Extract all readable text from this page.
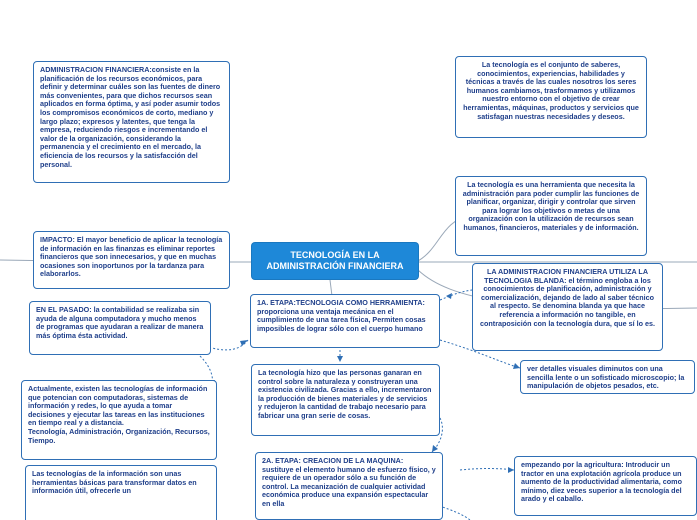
TECNOLOGÍA EN LA
ADMINISTRACIÓN FINANCIERA
ADMINISTRACION FINANCIERA:consiste en la planificación de los recursos económicos, para definir y determinar cuáles son las fuentes de dinero más convenientes, para que dichos recursos sean aplicados en forma óptima, y así poder asumir todos los compromisos económicos de corto, mediano y largo plazo; expresos y latentes, que tenga la empresa, reduciendo riesgos e incrementando el valor de la organización, considerando la permanencia y el crecimiento en el mercado, la eficiencia de los recursos y la satisfacción del personal.
La tecnología es el conjunto de saberes, conocimientos, experiencias, habilidades y técnicas a través de las cuales nosotros los seres humanos cambiamos, trasformamos y utilizamos nuestro entorno con el objetivo de crear herramientas, máquinas, productos y servicios que satisfagan nuestras necesidades y deseos.
La tecnología es una herramienta que necesita la administración para poder cumplir las funciones de planificar, organizar, dirigir y controlar que sirven para lograr los objetivos o metas de una organización con la utilización de recursos sean humanos, financieros, materiales y de información.
IMPACTO: El mayor beneficio de aplicar la tecnología de información en las finanzas es eliminar reportes financieros que son innecesarios, y que en muchas ocasiones son inoportunos por la tardanza para elaborarlos.	LA ADMINISTRACION FINANCIERA UTILIZA LA TECNOLOGIA BLANDA: el término engloba a los conocimientos de planificación, administración y comercialización, dejando de lado al saber técnico al respecto. Se denomina blanda ya que hace referencia a información no tangible, en contraposición con la tecnología dura, que sí lo es.
1A. ETAPA:TECNOLOGIA COMO HERRAMIENTA: proporciona una ventaja mecánica en el cumplimiento de una tarea física, Permiten cosas imposibles de lograr sólo con el cuerpo humano
EN EL PASADO: la contabilidad se realizaba sin ayuda de alguna computadora y mucho menos de programas que ayudaran a realizar de manera más óptima ésta actividad.
ver detalles visuales diminutos con una sencilla lente o un sofisticado microscopio; la manipulación de objetos pesados, etc.
Actualmente, existen las tecnologías de información que potencian con computadoras, sistemas de información y redes, lo que ayuda a tomar decisiones y ejecutar las tareas en las instituciones en tiempo real y a distancia.
Tecnología, Administración, Organización, Recursos, Tiempo.
La tecnología hizo que las personas ganaran en control sobre la naturaleza y construyeran una existencia civilizada. Gracias a ello, incrementaron la producción de bienes materiales y de servicios y redujeron la cantidad de trabajo necesario para fabricar una gran serie de cosas.
2A. ETAPA: CREACION DE LA MAQUINA: sustituye el elemento humano de esfuerzo físico, y requiere de un operador sólo a su función de control. La mecanización de cualquier actividad económica produce una expansión espectacular en ella
empezando por la agricultura: Introducir un tractor en una explotación agrícola produce un aumento de la productividad alimentaria, como mínimo, diez veces superior a la tecnología del arado y el caballo.
Las tecnologías de la información son unas herramientas básicas para transformar datos en información útil, ofrecerle un
